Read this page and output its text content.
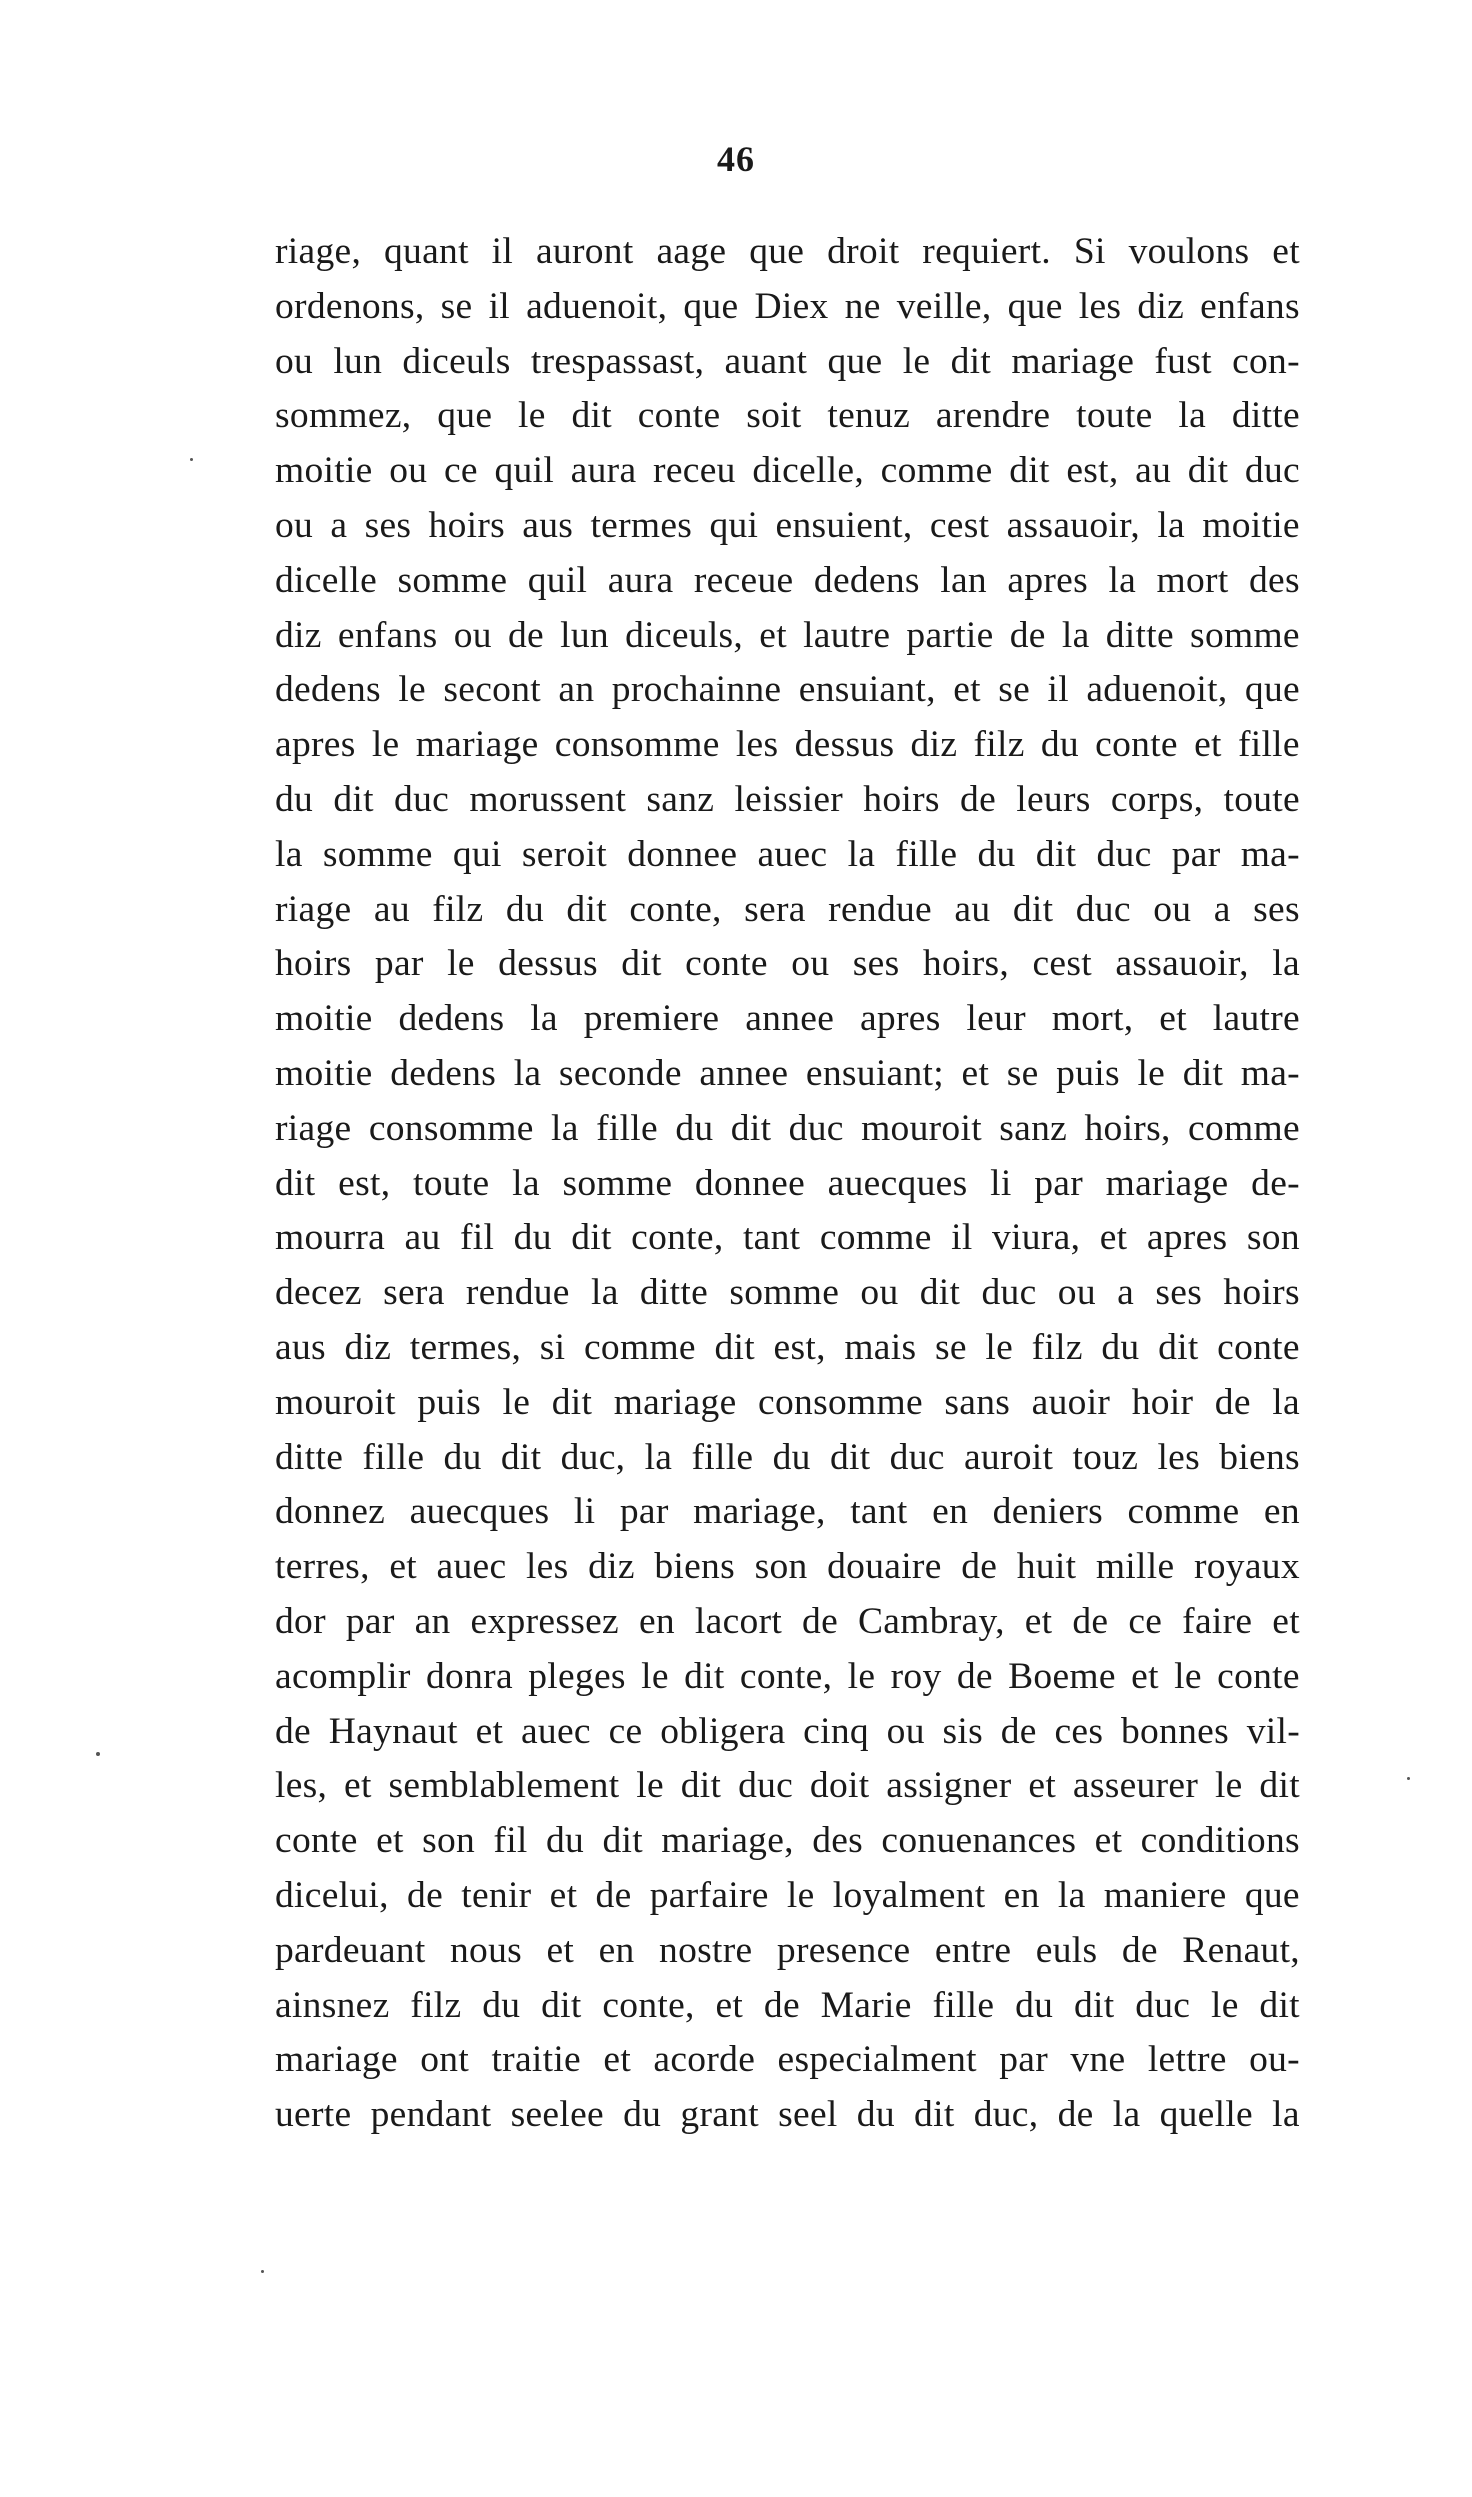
46
riage, quant il auront aage que droit requiert. Si voulons et
ordenons, se il aduenoit, que Diex ne veille, que les diz enfans
ou lun diceuls trespassast, auant que le dit mariage fust con-
sommez, que le dit conte soit tenuz arendre toute la ditte
moitie ou ce quil aura receu dicelle, comme dit est, au dit duc
ou a ses hoirs aus termes qui ensuient, cest assauoir, la moitie
dicelle somme quil aura receue dedens lan apres la mort des
diz enfans ou de lun diceuls, et lautre partie de la ditte somme
dedens le secont an prochainne ensuiant, et se il aduenoit, que
apres le mariage consomme les dessus diz filz du conte et fille
du dit duc morussent sanz leissier hoirs de leurs corps, toute
la somme qui seroit donnee auec la fille du dit duc par ma-
riage au filz du dit conte, sera rendue au dit duc ou a ses
hoirs par le dessus dit conte ou ses hoirs, cest assauoir, la
moitie dedens la premiere annee apres leur mort, et lautre
moitie dedens la seconde annee ensuiant; et se puis le dit ma-
riage consomme la fille du dit duc mouroit sanz hoirs, comme
dit est, toute la somme donnee auecques li par mariage de-
mourra au fil du dit conte, tant comme il viura, et apres son
decez sera rendue la ditte somme ou dit duc ou a ses hoirs
aus diz termes, si comme dit est, mais se le filz du dit conte
mouroit puis le dit mariage consomme sans auoir hoir de la
ditte fille du dit duc, la fille du dit duc auroit touz les biens
donnez auecques li par mariage, tant en deniers comme en
terres, et auec les diz biens son douaire de huit mille royaux
dor par an expressez en lacort de Cambray, et de ce faire et
acomplir donra pleges le dit conte, le roy de Boeme et le conte
de Haynaut et auec ce obligera cinq ou sis de ces bonnes vil-
les, et semblablement le dit duc doit assigner et asseurer le dit
conte et son fil du dit mariage, des conuenances et conditions
dicelui, de tenir et de parfaire le loyalment en la maniere que
pardeuant nous et en nostre presence entre euls de Renaut,
ainsnez filz du dit conte, et de Marie fille du dit duc le dit
mariage ont traitie et acorde especialment par vne lettre ou-
uerte pendant seelee du grant seel du dit duc, de la quelle la
